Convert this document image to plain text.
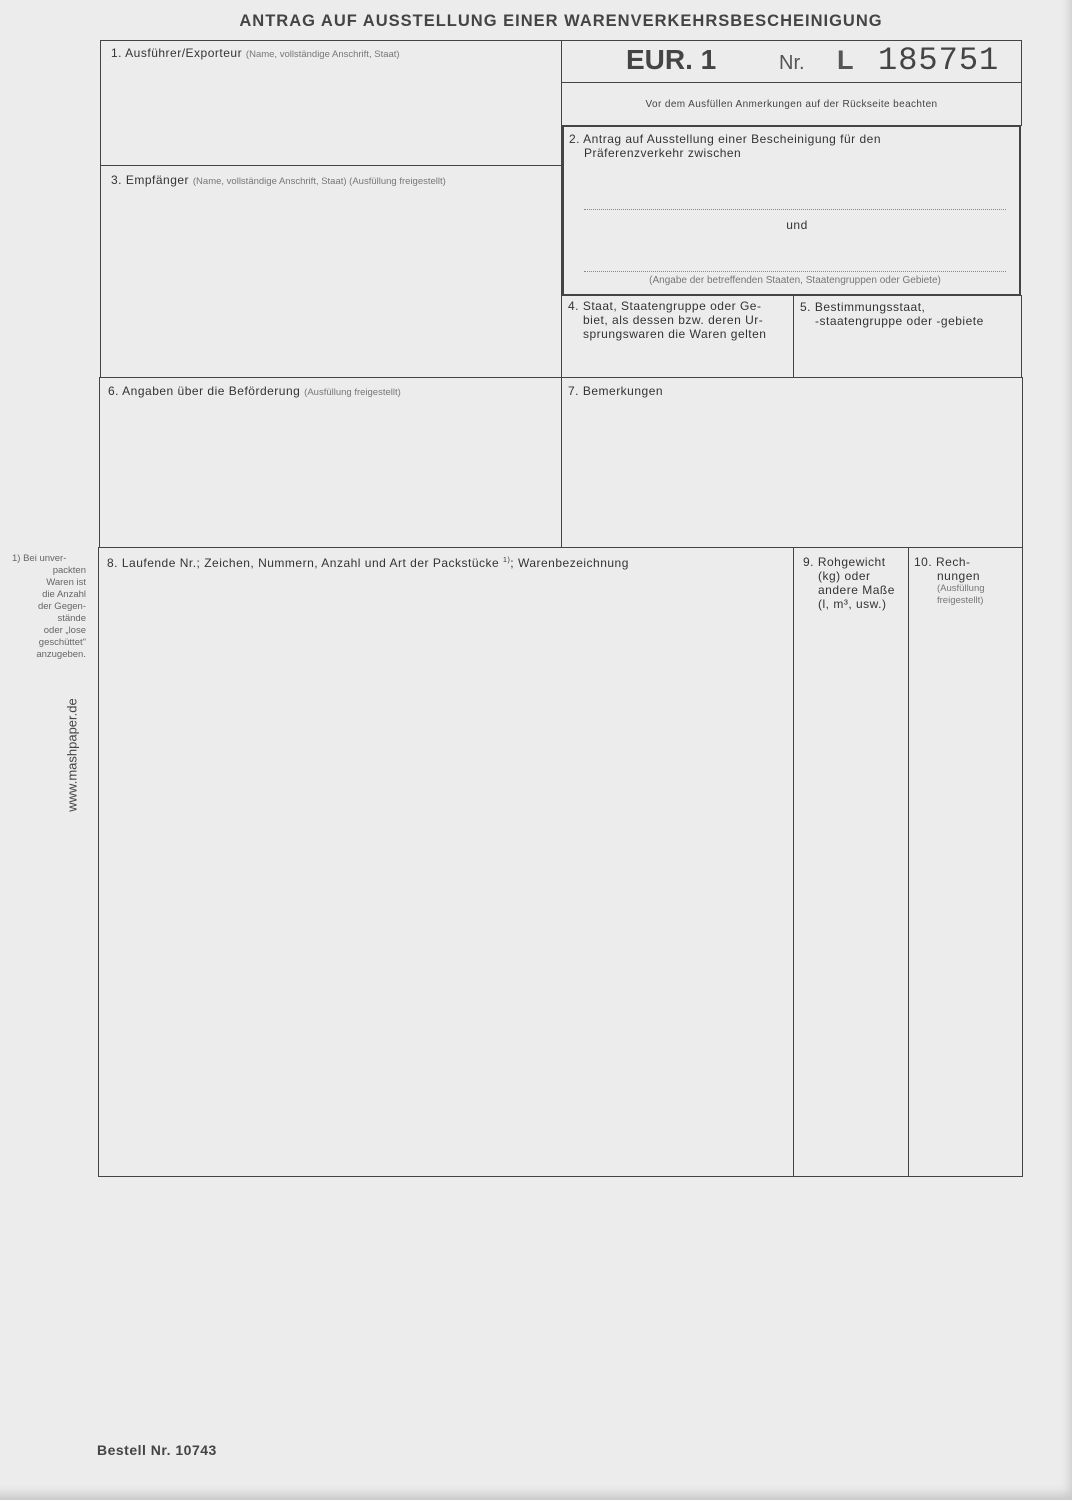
ANTRAG AUF AUSSTELLUNG EINER WARENVERKEHRSBESCHEINIGUNG
1. Ausführer/Exporteur (Name, vollständige Anschrift, Staat)
3. Empfänger (Name, vollständige Anschrift, Staat) (Ausfüllung freigestellt)
EUR. 1	Nr. L 185751
Vor dem Ausfüllen Anmerkungen auf der Rückseite beachten
2. Antrag auf Ausstellung einer Bescheinigung für den
Präferenzverkehr zwischen
und
(Angabe der betreffenden Staaten, Staatengruppen oder Gebiete)
4. Staat, Staatengruppe oder Ge-
biet, als dessen bzw. deren Ur-
sprungswaren die Waren gelten
5. Bestimmungsstaat,
-staatengruppe oder -gebiete
6. Angaben über die Beförderung (Ausfüllung freigestellt)	7. Bemerkungen
8. Laufende Nr.; Zeichen, Nummern, Anzahl und Art der Packstücke $^{1)}$; Warenbezeichnung	9. Rohgewicht
(kg) oder
andere Maße
(l, m³, usw.)
10. Rech-
nungen
(Ausfüllung
freigestellt)
1) Bei unver-
packten
Waren ist
die Anzahl
der Gegen-
stände
oder „lose
geschüttet"
anzugeben.
www.mashpaper.de
Bestell Nr. 10743
